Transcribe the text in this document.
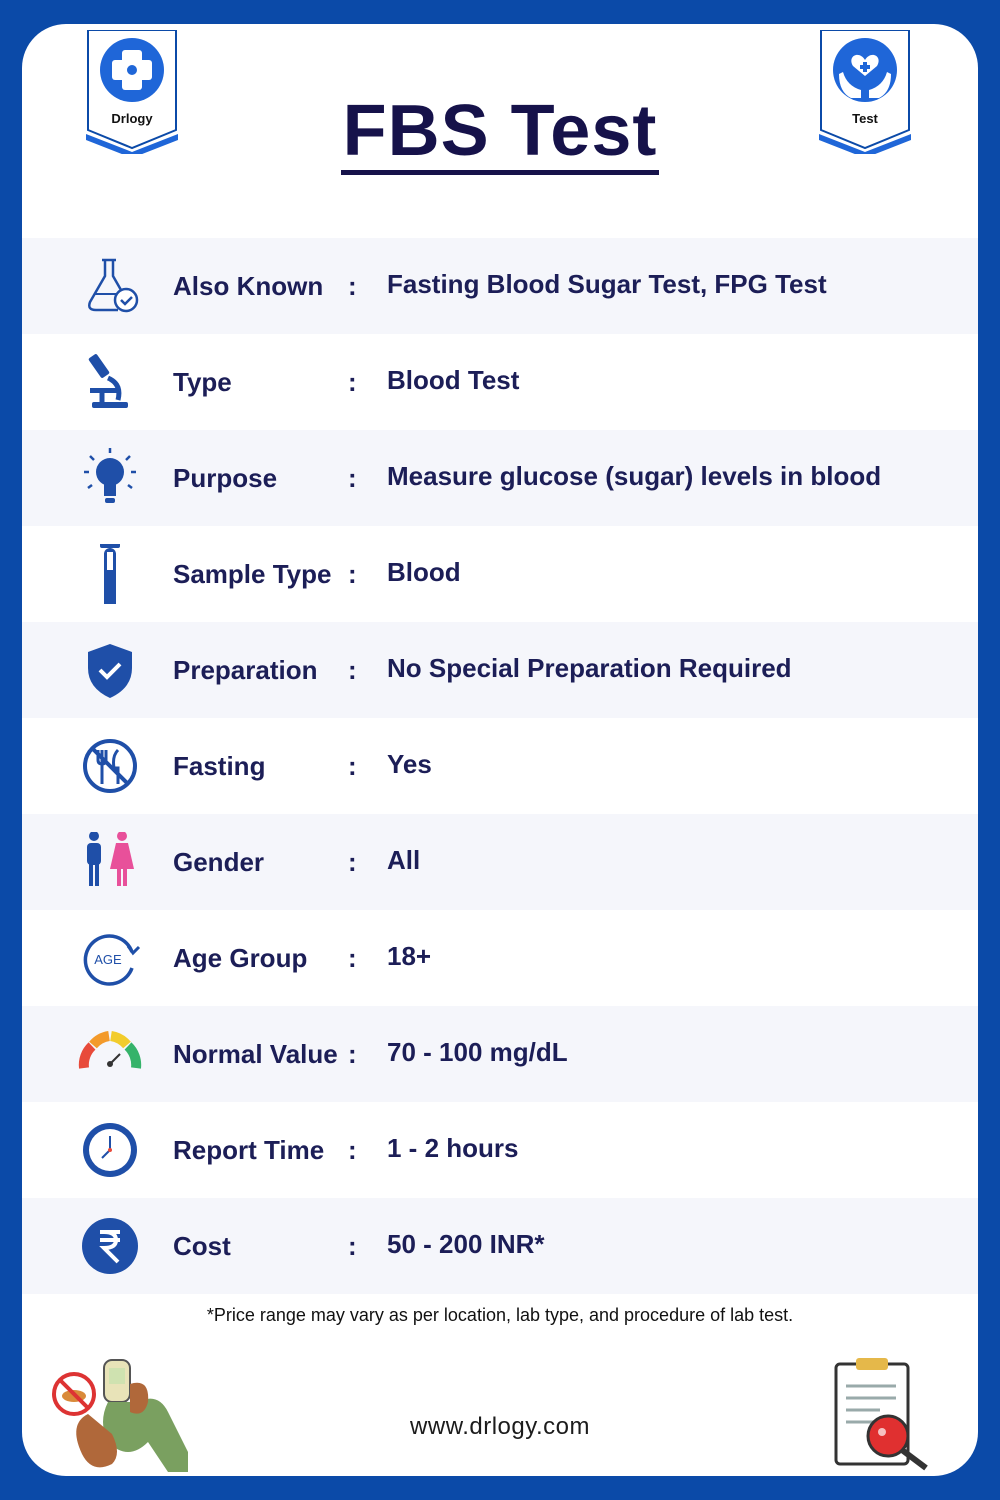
Drlogy	Test
FBS Test
Also Known : Fasting Blood Sugar Test, FPG Test
Type	: Blood Test
Purpose	: Measure glucose (sugar) levels in blood
Sample Type : Blood
Preparation : No Special Preparation Required
Fasting	: Yes
Gender	: All
AGE Age Group : 18+
Normal Value : 70 - 100 mg/dL
Report Time : 1 - 2 hours
Cost	: 50 - 200 INR*
*Price range may vary as per location, lab type, and procedure of lab test.
www.drlogy.com
